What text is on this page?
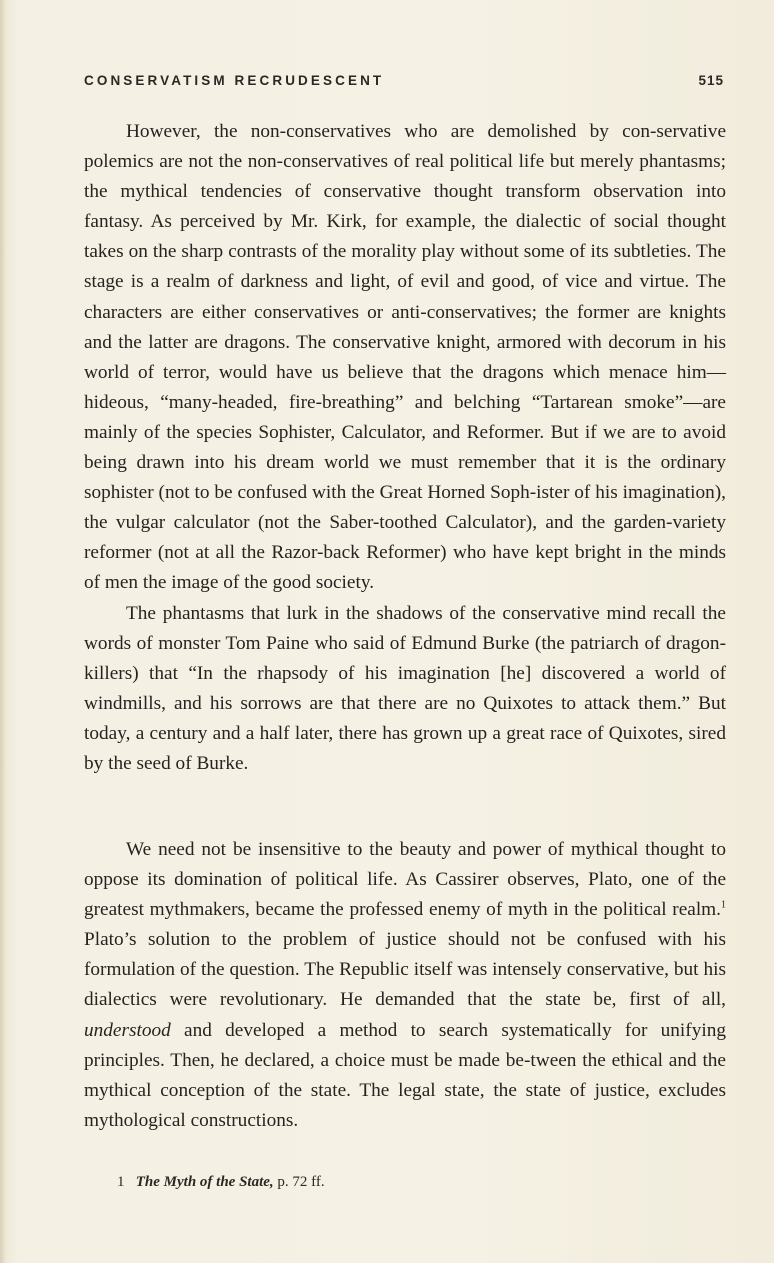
CONSERVATISM RECRUDESCENT	515

However, the non-conservatives who are demolished by con-servative polemics are not the non-conservatives of real political life but merely phantasms; the mythical tendencies of conservative thought transform observation into fantasy. As perceived by Mr. Kirk, for example, the dialectic of social thought takes on the sharp contrasts of the morality play without some of its subtleties. The stage is a realm of darkness and light, of evil and good, of vice and virtue. The characters are either conservatives or anti-conservatives; the former are knights and the latter are dragons. The conservative knight, armored with decorum in his world of terror, would have us believe that the dragons which menace him—hideous, “many-headed, fire-breathing” and belching “Tartarean smoke”—are mainly of the species Sophister, Calculator, and Reformer. But if we are to avoid being drawn into his dream world we must remember that it is the ordinary sophister (not to be confused with the Great Horned Soph-ister of his imagination), the vulgar calculator (not the Saber-toothed Calculator), and the garden-variety reformer (not at all the Razor-back Reformer) who have kept bright in the minds of men the image of the good society.

The phantasms that lurk in the shadows of the conservative mind recall the words of monster Tom Paine who said of Edmund Burke (the patriarch of dragon-killers) that “In the rhapsody of his imagination [he] discovered a world of windmills, and his sorrows are that there are no Quixotes to attack them.” But today, a century and a half later, there has grown up a great race of Quixotes, sired by the seed of Burke.

We need not be insensitive to the beauty and power of mythical thought to oppose its domination of political life. As Cassirer observes, Plato, one of the greatest mythmakers, became the professed enemy of myth in the political realm.$^1$ Plato’s solution to the problem of justice should not be confused with his formulation of the question. The Republic itself was intensely conservative, but his dialectics were revolutionary. He demanded that the state be, first of all, understood and developed a method to search systematically for unifying principles. Then, he declared, a choice must be made be-tween the ethical and the mythical conception of the state. The legal state, the state of justice, excludes mythological constructions.

1 The Myth of the State, p. 72 ff.
